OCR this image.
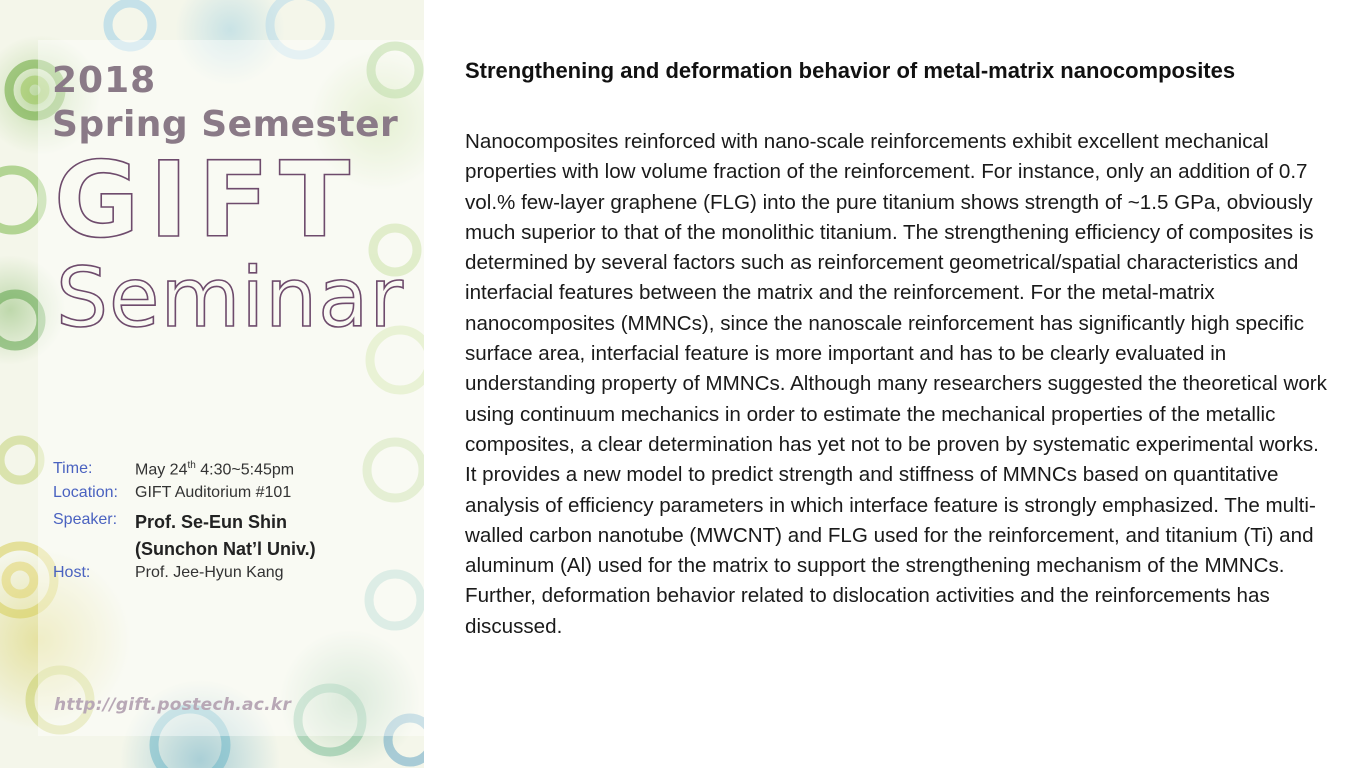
2018
Spring Semester
GIFT
Seminar
Time:	May 24th 4:30~5:45pm
Location: GIFT Auditorium #101
Speaker: Prof. Se-Eun Shin
(Sunchon Nat’l Univ.)
Host:	Prof. Jee-Hyun Kang
http://gift.postech.ac.kr
Strengthening and deformation behavior of metal-matrix nanocomposites

Nanocomposites reinforced with nano-scale reinforcements exhibit excellent mechanical properties with low volume fraction of the reinforcement. For instance, only an addition of 0.7 vol.% few-layer graphene (FLG) into the pure titanium shows strength of ~1.5 GPa, obviously much superior to that of the monolithic titanium. The strengthening efficiency of composites is determined by several factors such as reinforcement geometrical/spatial characteristics and interfacial features between the matrix and the reinforcement. For the metal-matrix nanocomposites (MMNCs), since the nanoscale reinforcement has significantly high specific surface area, interfacial feature is more important and has to be clearly evaluated in understanding property of MMNCs. Although many researchers suggested the theoretical work using continuum mechanics in order to estimate the mechanical properties of the metallic composites, a clear determination has yet not to be proven by systematic experimental works.

It provides a new model to predict strength and stiffness of MMNCs based on quantitative analysis of efficiency parameters in which interface feature is strongly emphasized. The multi-walled carbon nanotube (MWCNT) and FLG used for the reinforcement, and titanium (Ti) and aluminum (Al) used for the matrix to support the strengthening mechanism of the MMNCs. Further, deformation behavior related to dislocation activities and the reinforcements has discussed.
